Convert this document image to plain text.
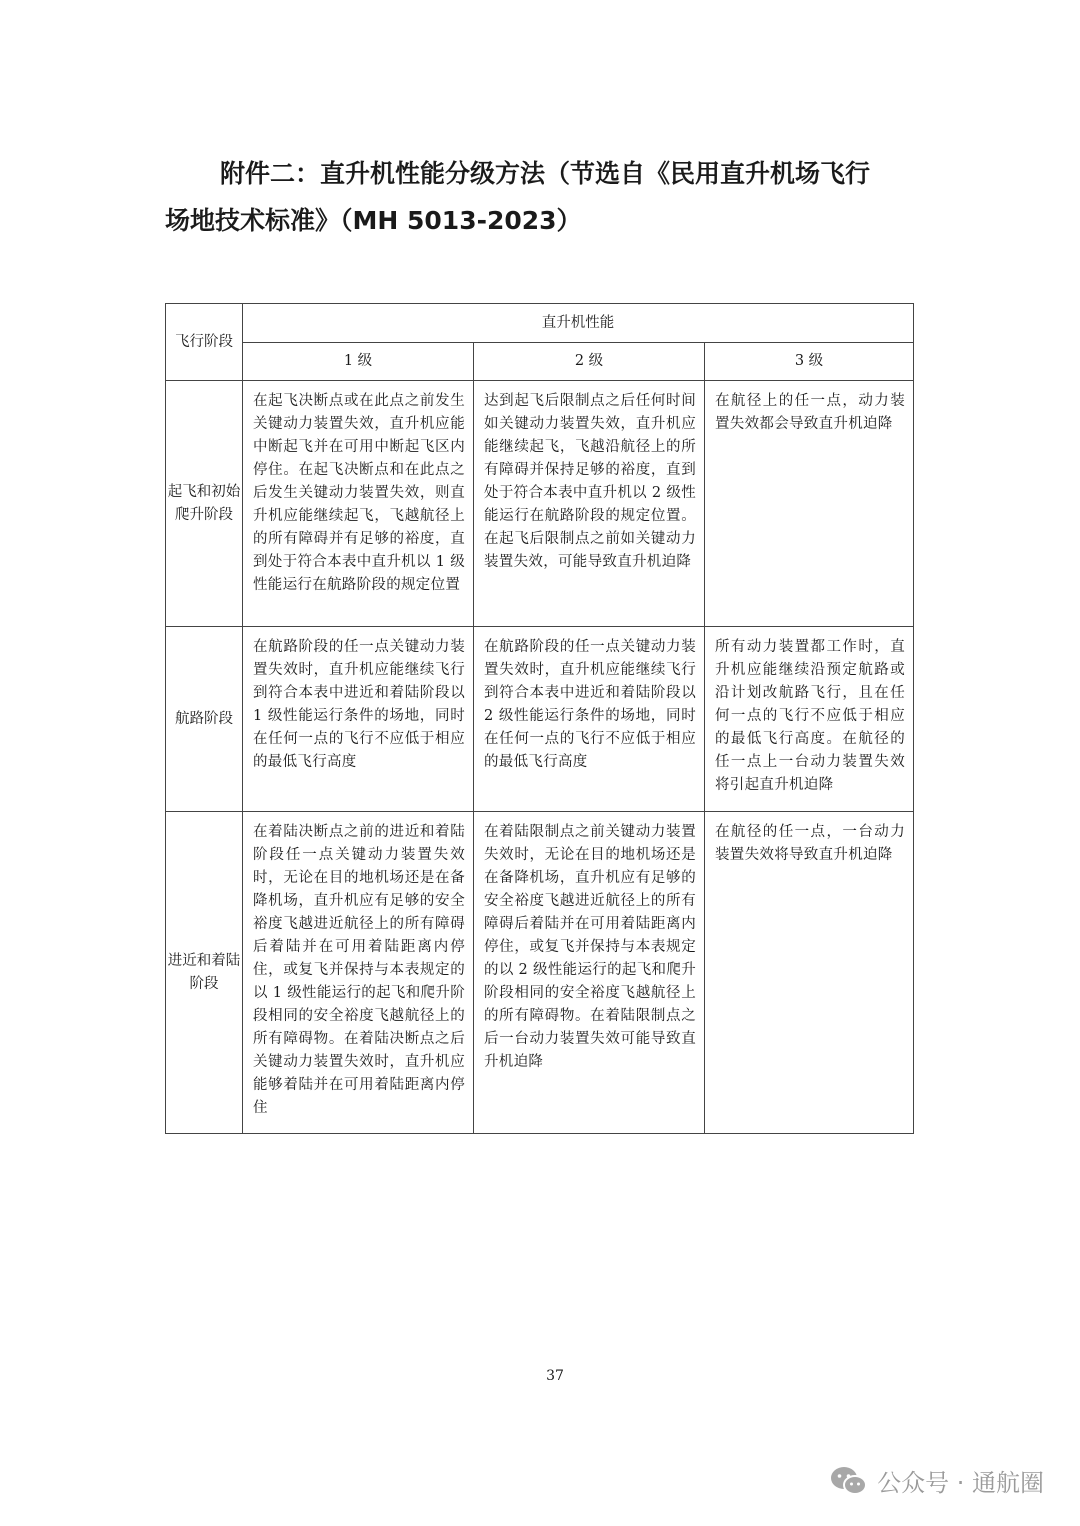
附件二：直升机性能分级方法（节选自《民用直升机场飞行
场地技术标准》（MH 5013-2023）
飞行阶段	直升机性能		
	1 级	2 级	3 级
起飞和初始爬升阶段	在起飞决断点或在此点之前发生关键动力装置失效，直升机应能中断起飞并在可用中断起飞区内停住。在起飞决断点和在此点之后发生关键动力装置失效，则直升机应能继续起飞，飞越航径上的所有障碍并有足够的裕度，直到处于符合本表中直升机以 1 级性能运行在航路阶段的规定位置	达到起飞后限制点之后任何时间如关键动力装置失效，直升机应能继续起飞，飞越沿航径上的所有障碍并保持足够的裕度，直到处于符合本表中直升机以 2 级性能运行在航路阶段的规定位置。在起飞后限制点之前如关键动力装置失效，可能导致直升机迫降	在航径上的任一点，动力装置失效都会导致直升机迫降
航路阶段	在航路阶段的任一点关键动力装置失效时，直升机应能继续飞行到符合本表中进近和着陆阶段以 1 级性能运行条件的场地，同时在任何一点的飞行不应低于相应的最低飞行高度	在航路阶段的任一点关键动力装置失效时，直升机应能继续飞行到符合本表中进近和着陆阶段以 2 级性能运行条件的场地，同时在任何一点的飞行不应低于相应的最低飞行高度	所有动力装置都工作时，直升机应能继续沿预定航路或沿计划改航路飞行，且在任何一点的飞行不应低于相应的最低飞行高度。在航径的任一点上一台动力装置失效将引起直升机迫降
进近和着陆阶段	在着陆决断点之前的进近和着陆阶段任一点关键动力装置失效时，无论在目的地机场还是在备降机场，直升机应有足够的安全裕度飞越进近航径上的所有障碍后着陆并在可用着陆距离内停住，或复飞并保持与本表规定的以 1 级性能运行的起飞和爬升阶段相同的安全裕度飞越航径上的所有障碍物。在着陆决断点之后关键动力装置失效时，直升机应能够着陆并在可用着陆距离内停住	在着陆限制点之前关键动力装置失效时，无论在目的地机场还是在备降机场，直升机应有足够的安全裕度飞越进近航径上的所有障碍后着陆并在可用着陆距离内停住，或复飞并保持与本表规定的以 2 级性能运行的起飞和爬升阶段相同的安全裕度飞越航径上的所有障碍物。在着陆限制点之后一台动力装置失效可能导致直升机迫降	在航径的任一点，一台动力装置失效将导致直升机迫降
37
公众号 · 通航圈
